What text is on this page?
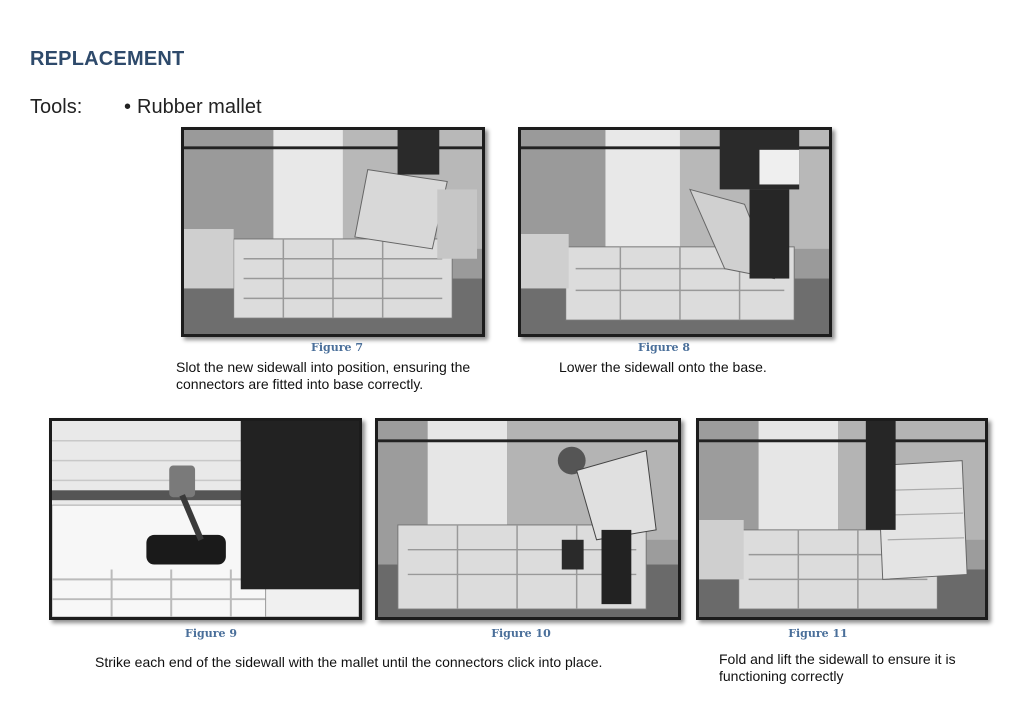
REPLACEMENT
Tools: • Rubber mallet
Figure 7
Slot the new sidewall into position, ensuring the connectors are fitted into base correctly.
Figure 8
Lower the sidewall onto the base.
Figure 9
Strike each end of the sidewall with the mallet until the connectors click into place.
Figure 10	Figure 11
Fold and lift the sidewall to ensure it is functioning correctly
